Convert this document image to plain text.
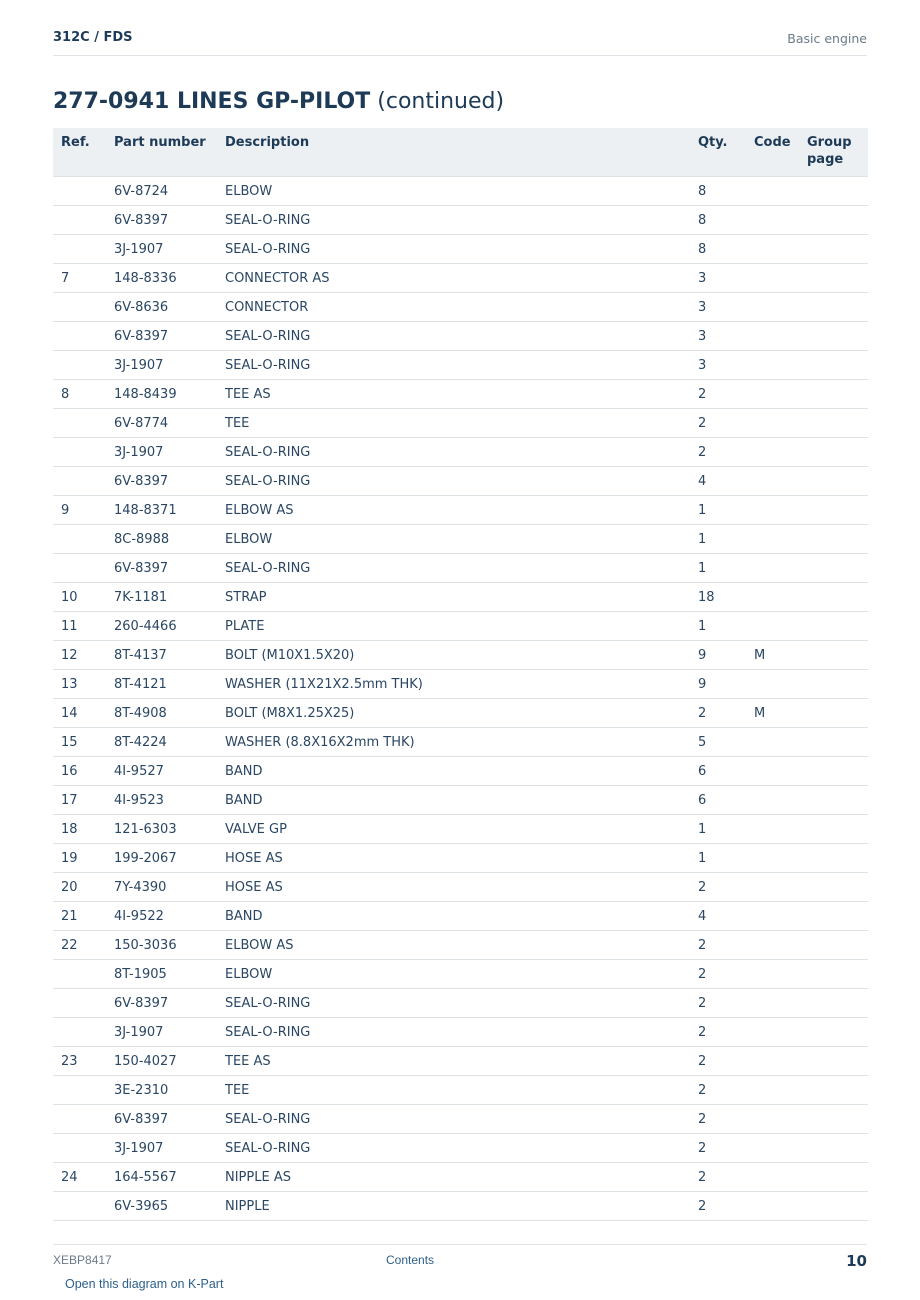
312C / FDS	Basic engine
277-0941 LINES GP-PILOT (continued)
Ref.	Part number	Description	Qty.	Code	Group page
	6V-8724	ELBOW	8		
	6V-8397	SEAL-O-RING	8		
	3J-1907	SEAL-O-RING	8		
7	148-8336	CONNECTOR AS	3		
	6V-8636	CONNECTOR	3		
	6V-8397	SEAL-O-RING	3		
	3J-1907	SEAL-O-RING	3		
8	148-8439	TEE AS	2		
	6V-8774	TEE	2		
	3J-1907	SEAL-O-RING	2		
	6V-8397	SEAL-O-RING	4		
9	148-8371	ELBOW AS	1		
	8C-8988	ELBOW	1		
	6V-8397	SEAL-O-RING	1		
10	7K-1181	STRAP	18		
11	260-4466	PLATE	1		
12	8T-4137	BOLT (M10X1.5X20)	9	M	
13	8T-4121	WASHER (11X21X2.5mm THK)	9		
14	8T-4908	BOLT (M8X1.25X25)	2	M	
15	8T-4224	WASHER (8.8X16X2mm THK)	5		
16	4I-9527	BAND	6		
17	4I-9523	BAND	6		
18	121-6303	VALVE GP	1		
19	199-2067	HOSE AS	1		
20	7Y-4390	HOSE AS	2		
21	4I-9522	BAND	4		
22	150-3036	ELBOW AS	2		
	8T-1905	ELBOW	2		
	6V-8397	SEAL-O-RING	2		
	3J-1907	SEAL-O-RING	2		
23	150-4027	TEE AS	2		
	3E-2310	TEE	2		
	6V-8397	SEAL-O-RING	2		
	3J-1907	SEAL-O-RING	2		
24	164-5567	NIPPLE AS	2		
	6V-3965	NIPPLE	2		
XEBP8417	Contents	10
Open this diagram on K-Part
